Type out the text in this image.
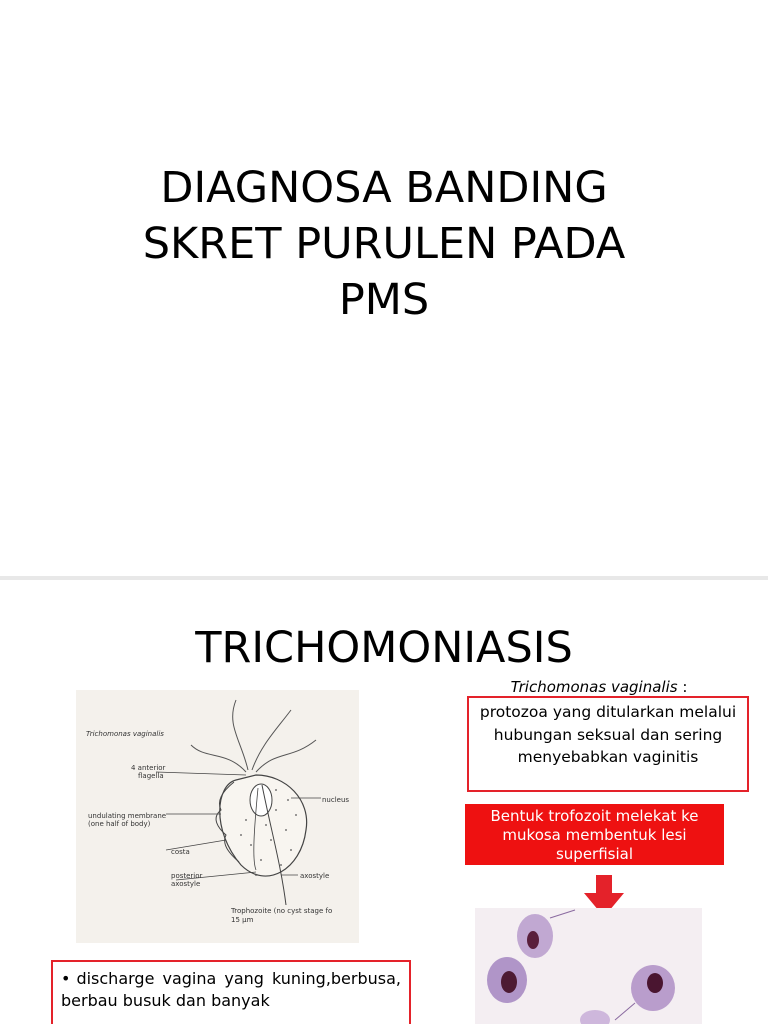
DIAGNOSA BANDING
SKRET PURULEN PADA
PMS
TRICHOMONIASIS
Trichomonas vaginalis
4 anterior flagella
nucleus
undulating membrane (one half of body)
costa
axostyle
posterior axostyle
Trophozoite (no cyst stage fo
15 µm
Trichomonas vaginalis :
protozoa yang ditularkan melalui hubungan seksual dan sering menyebabkan vaginitis
Bentuk trofozoit melekat ke mukosa membentuk lesi superfisial
• discharge vagina yang kuning,berbusa, berbau busuk dan banyak
